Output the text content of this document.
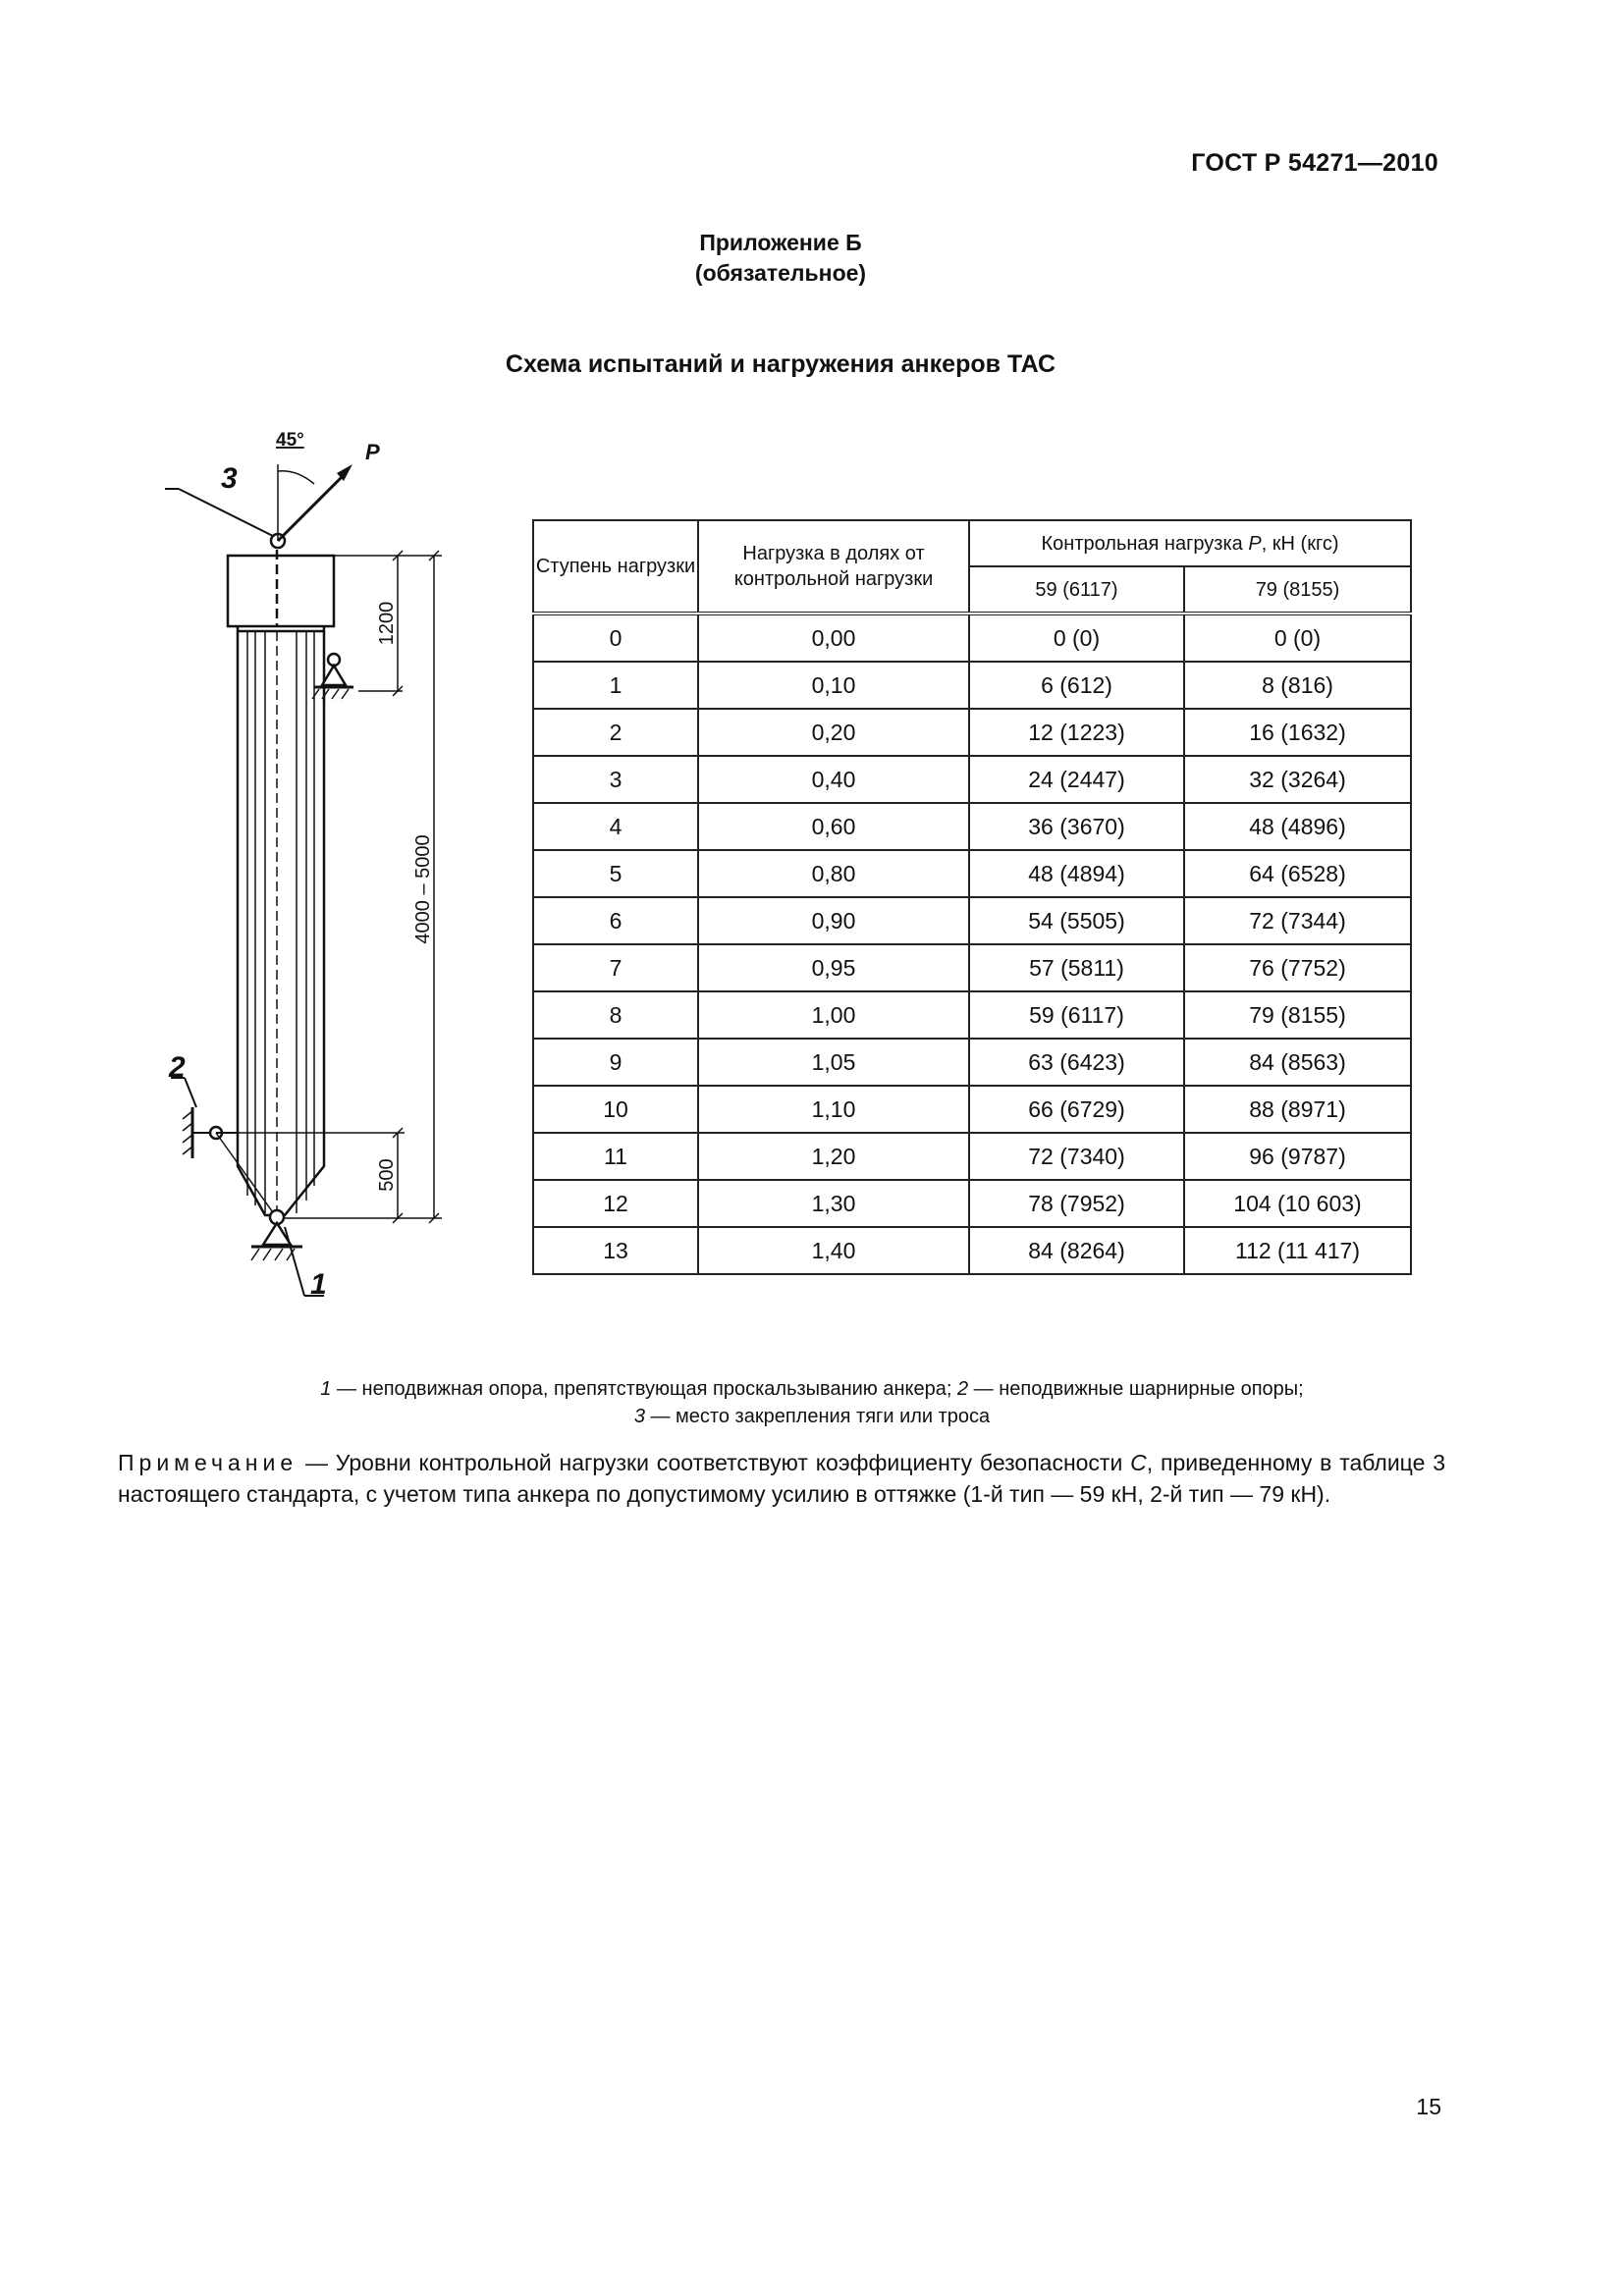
ГОСТ Р 54271—2010
Приложение Б
(обязательное)
Схема испытаний и нагружения анкеров ТАС
45°	P
3
2
1
1200
4000 – 5000
500
Ступень нагрузки	Нагрузка в долях от контрольной нагрузки	Контрольная нагрузка P, кН (кгс)	
		59 (6117)	79 (8155)
0	0,00	0 (0)	0 (0)
1	0,10	6 (612)	8 (816)
2	0,20	12 (1223)	16 (1632)
3	0,40	24 (2447)	32 (3264)
4	0,60	36 (3670)	48 (4896)
5	0,80	48 (4894)	64 (6528)
6	0,90	54 (5505)	72 (7344)
7	0,95	57 (5811)	76 (7752)
8	1,00	59 (6117)	79 (8155)
9	1,05	63 (6423)	84 (8563)
10	1,10	66 (6729)	88 (8971)
11	1,20	72 (7340)	96 (9787)
12	1,30	78 (7952)	104 (10 603)
13	1,40	84 (8264)	112 (11 417)
1 — неподвижная опора, препятствующая проскальзыванию анкера; 2 — неподвижные шарнирные опоры;
3 — место закрепления тяги или троса
Примечание — Уровни контрольной нагрузки соответствуют коэффициенту безопасности С, приведенному в таблице 3 настоящего стандарта, с учетом типа анкера по допустимому усилию в оттяжке (1-й тип — 59 кН, 2-й тип — 79 кН).
15
